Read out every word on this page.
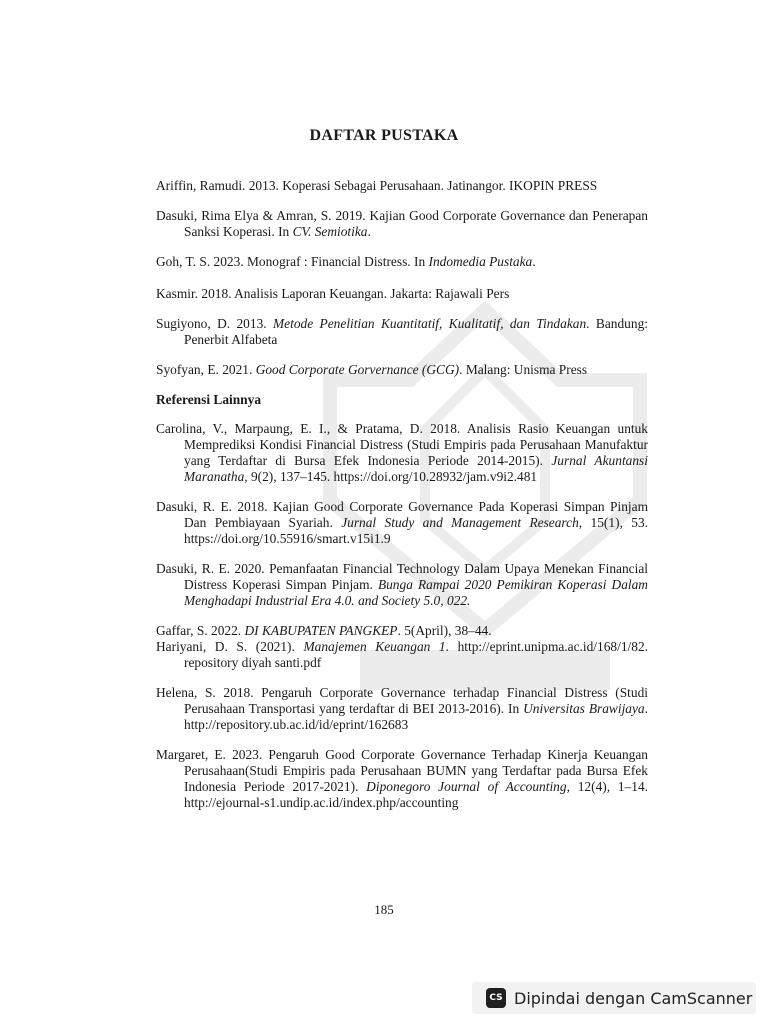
DAFTAR PUSTAKA

Ariffin, Ramudi. 2013. Koperasi Sebagai Perusahaan. Jatinangor. IKOPIN PRESS

Dasuki, Rima Elya & Amran, S. 2019. Kajian Good Corporate Governance dan Penerapan Sanksi Koperasi. In CV. Semiotika.

Goh, T. S. 2023. Monograf : Financial Distress. In Indomedia Pustaka.

Kasmir. 2018. Analisis Laporan Keuangan. Jakarta: Rajawali Pers

Sugiyono, D. 2013. Metode Penelitian Kuantitatif, Kualitatif, dan Tindakan. Bandung: Penerbit Alfabeta

Syofyan, E. 2021. Good Corporate Gorvernance (GCG). Malang: Unisma Press

Referensi Lainnya

Carolina, V., Marpaung, E. I., & Pratama, D. 2018. Analisis Rasio Keuangan untuk Memprediksi Kondisi Financial Distress (Studi Empiris pada Perusahaan Manufaktur yang Terdaftar di Bursa Efek Indonesia Periode 2014-2015). Jurnal Akuntansi Maranatha, 9(2), 137–145. https://doi.org/10.28932/jam.v9i2.481

Dasuki, R. E. 2018. Kajian Good Corporate Governance Pada Koperasi Simpan Pinjam Dan Pembiayaan Syariah. Jurnal Study and Management Research, 15(1), 53. https://doi.org/10.55916/smart.v15i1.9

Dasuki, R. E. 2020. Pemanfaatan Financial Technology Dalam Upaya Menekan Financial Distress Koperasi Simpan Pinjam. Bunga Rampai 2020 Pemikiran Koperasi Dalam Menghadapi Industrial Era 4.0. and Society 5.0, 022.

Gaffar, S. 2022. DI KABUPATEN PANGKEP. 5(April), 38–44.

Hariyani, D. S. (2021). Manajemen Keuangan 1. http://eprint.unipma.ac.id/168/1/82. repository diyah santi.pdf

Helena, S. 2018. Pengaruh Corporate Governance terhadap Financial Distress (Studi Perusahaan Transportasi yang terdaftar di BEI 2013-2016). In Universitas Brawijaya. http://repository.ub.ac.id/id/eprint/162683

Margaret, E. 2023. Pengaruh Good Corporate Governance Terhadap Kinerja Keuangan Perusahaan(Studi Empiris pada Perusahaan BUMN yang Terdaftar pada Bursa Efek Indonesia Periode 2017-2021). Diponegoro Journal of Accounting, 12(4), 1–14. http://ejournal-s1.undip.ac.id/index.php/accounting

185
CS Dipindai dengan CamScanner
